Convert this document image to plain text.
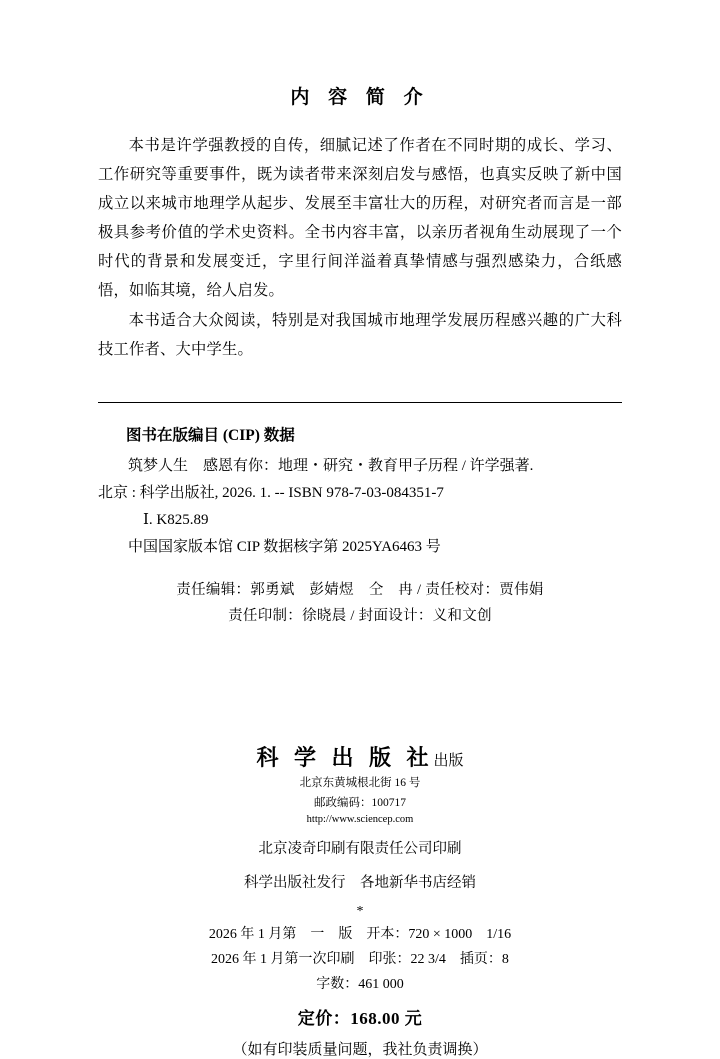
内 容 简 介

本书是许学强教授的自传，细腻记述了作者在不同时期的成长、学习、工作研究等重要事件，既为读者带来深刻启发与感悟，也真实反映了新中国成立以来城市地理学从起步、发展至丰富壮大的历程，对研究者而言是一部极具参考价值的学术史资料。全书内容丰富，以亲历者视角生动展现了一个时代的背景和发展变迁，字里行间洋溢着真挚情感与强烈感染力，合纸感悟，如临其境，给人启发。

本书适合大众阅读，特别是对我国城市地理学发展历程感兴趣的广大科技工作者、大中学生。

图书在版编目 (CIP) 数据

筑梦人生　感恩有你：地理・研究・教育甲子历程 / 许学强著.

北京 : 科学出版社, 2026. 1. -- ISBN 978-7-03-084351-7

Ⅰ. K825.89

中国国家版本馆 CIP 数据核字第 2025YA6463 号

责任编辑：郭勇斌　彭婧煜　仝　冉 / 责任校对：贾伟娟
责任印制：徐晓晨 / 封面设计：义和文创
科 学 出 版 社出版
北京东黄城根北街 16 号
邮政编码：100717
http://www.sciencep.com
北京凌奇印刷有限责任公司印刷
科学出版社发行　各地新华书店经销
*
2026 年 1 月第　一　版　开本：720 × 1000　1/16
2026 年 1 月第一次印刷　印张：22 3/4　插页：8
字数：461 000
定价：168.00 元
（如有印装质量问题，我社负责调换）
